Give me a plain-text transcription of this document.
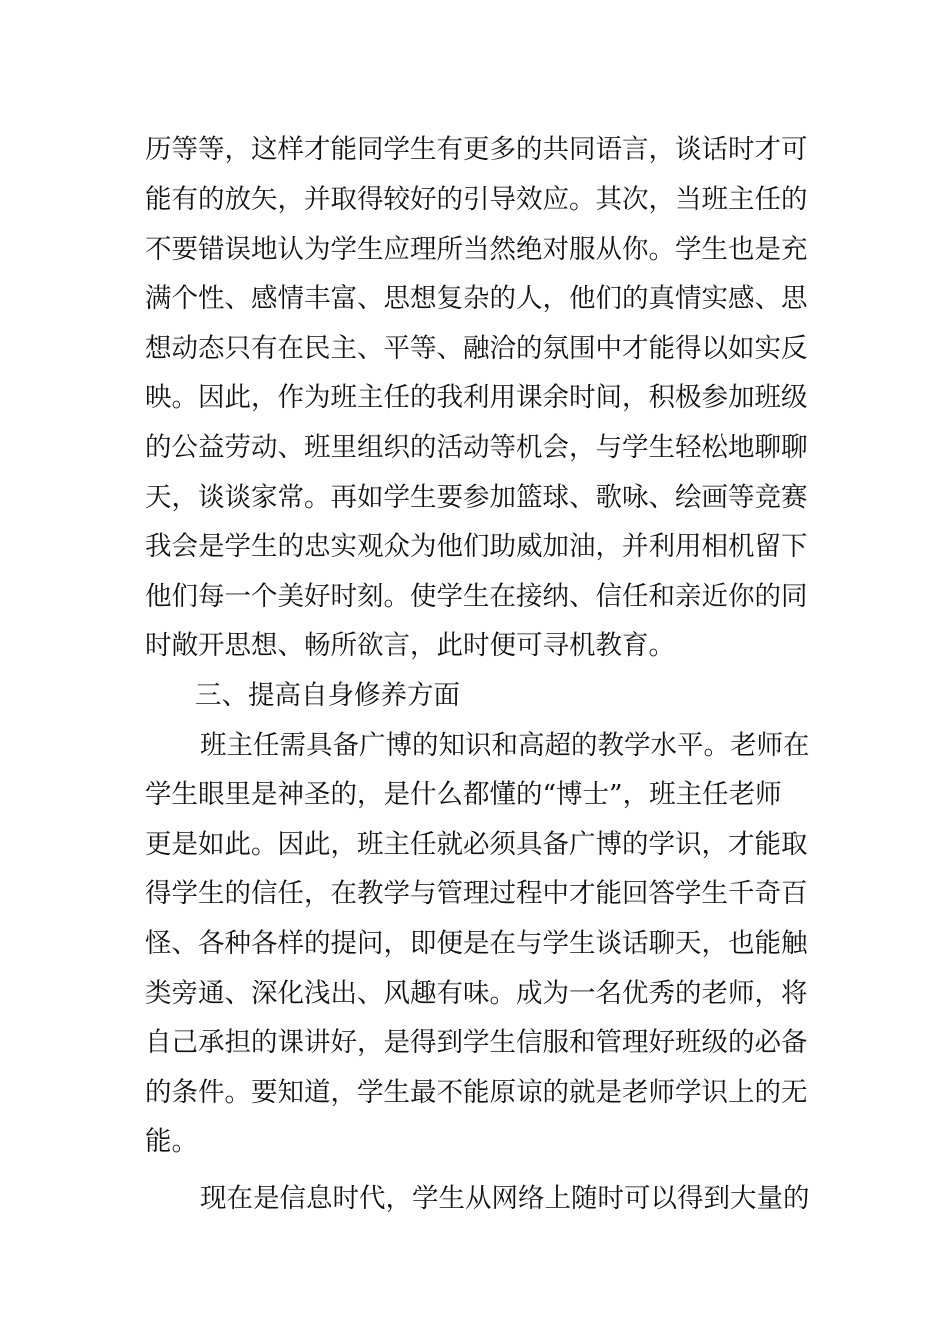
历等等，这样才能同学生有更多的共同语言，谈话时才可
能有的放矢，并取得较好的引导效应。其次，当班主任的
不要错误地认为学生应理所当然绝对服从你。学生也是充
满个性、感情丰富、思想复杂的人，他们的真情实感、思
想动态只有在民主、平等、融洽的氛围中才能得以如实反
映。因此，作为班主任的我利用课余时间，积极参加班级
的公益劳动、班里组织的活动等机会，与学生轻松地聊聊
天，谈谈家常。再如学生要参加篮球、歌咏、绘画等竞赛
我会是学生的忠实观众为他们助威加油，并利用相机留下
他们每一个美好时刻。使学生在接纳、信任和亲近你的同
时敞开思想、畅所欲言，此时便可寻机教育。
三、提高自身修养方面
班主任需具备广博的知识和高超的教学水平。老师在
学生眼里是神圣的，是什么都懂的“博士”，班主任老师
更是如此。因此，班主任就必须具备广博的学识，才能取
得学生的信任，在教学与管理过程中才能回答学生千奇百
怪、各种各样的提问，即便是在与学生谈话聊天，也能触
类旁通、深化浅出、风趣有味。成为一名优秀的老师，将
自己承担的课讲好，是得到学生信服和管理好班级的必备
的条件。要知道，学生最不能原谅的就是老师学识上的无
能。
现在是信息时代，学生从网络上随时可以得到大量的
